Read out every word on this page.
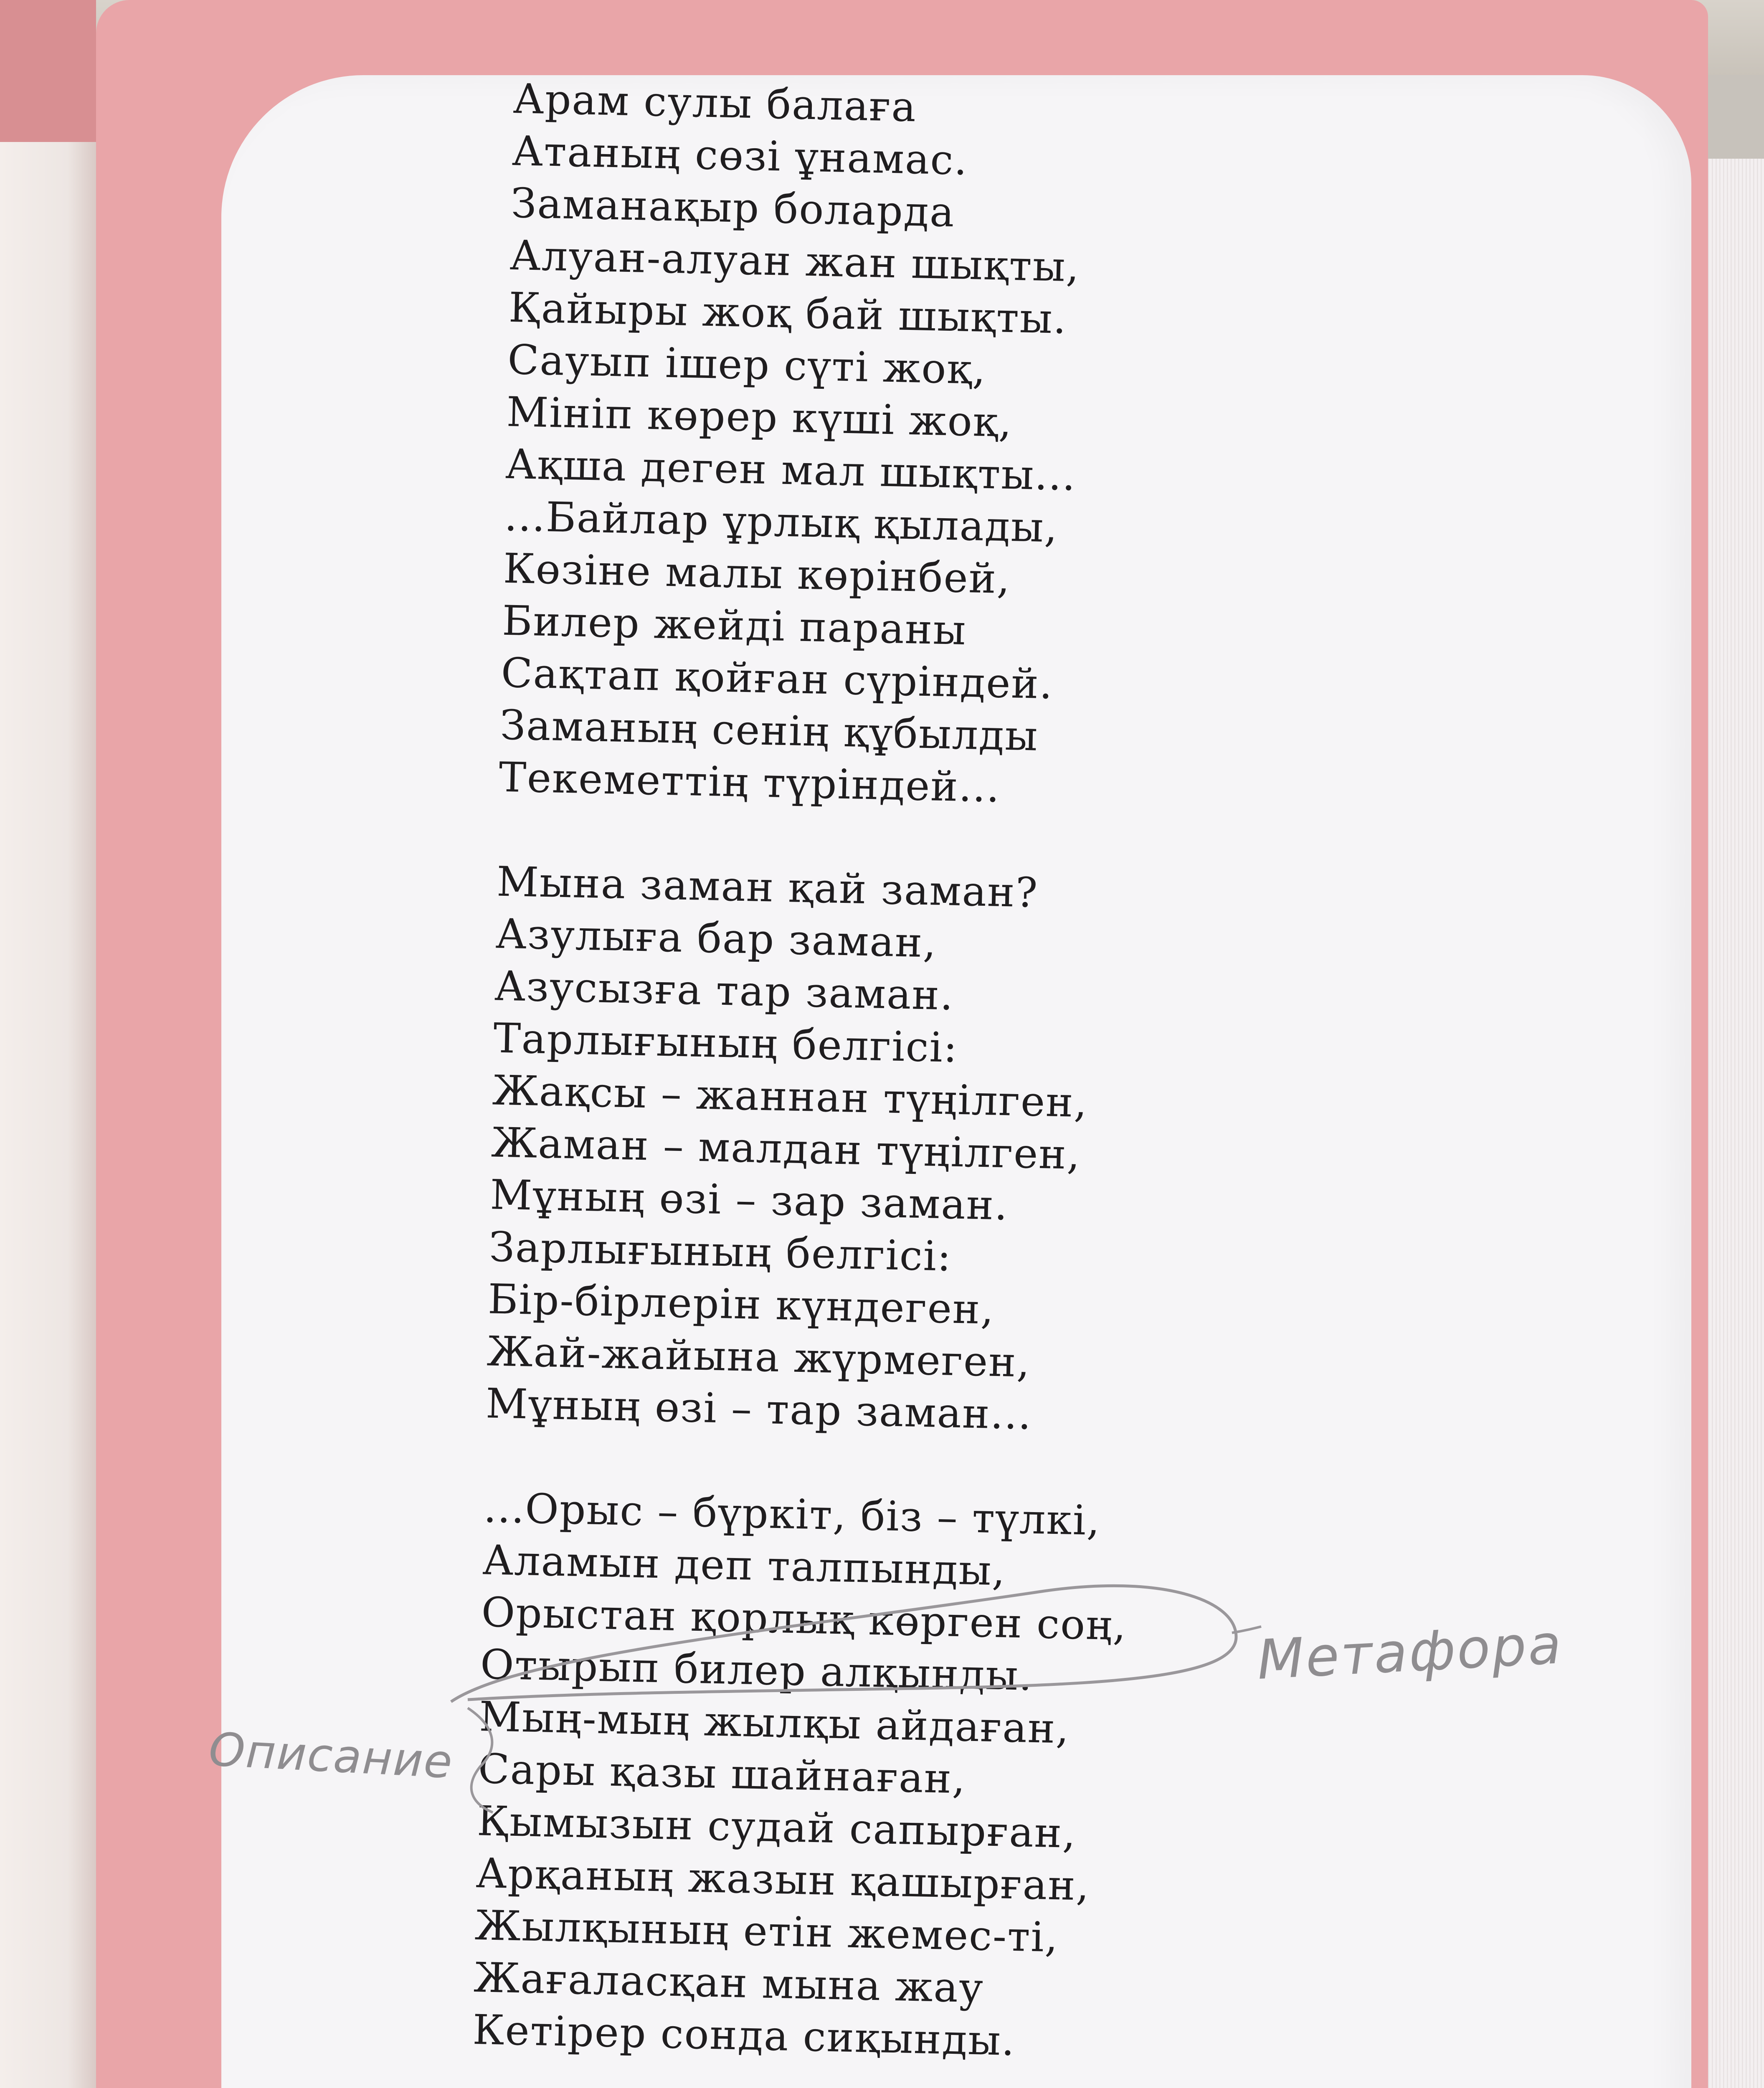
Арам сулы балаға
Атаның сөзі ұнамас.
Заманақыр боларда
Алуан-алуан жан шықты,
Қайыры жоқ бай шықты.
Сауып ішер сүті жоқ,
Мініп көрер күші жоқ,
Ақша деген мал шықты...
...Байлар ұрлық қылады,
Көзіне малы көрінбей,
Билер жейді параны
Сақтап қойған сүріндей.
Заманың сенің құбылды
Текеметтің түріндей...
Мына заман қай заман?
Азулыға бар заман,
Азусызға тар заман.
Тарлығының белгісі:
Жақсы – жаннан түңілген,
Жаман – малдан түңілген,
Мұның өзі – зар заман.
Зарлығының белгісі:
Бір-бірлерін күндеген,
Жай-жайына жүрмеген,
Мұның өзі – тар заман...
...Орыс – бүркіт, біз – түлкі,
Аламын деп талпынды,
Орыстан қорлық көрген соң,
Отырып билер алқынды.
Мың-мың жылқы айдаған,
Сары қазы шайнаған,
Қымызын судай сапырған,
Арқаның жазын қашырған,
Жылқының етін жемес-ті,
Жағаласқан мына жау
Кетірер сонда сиқынды.
Метафора
Описание
